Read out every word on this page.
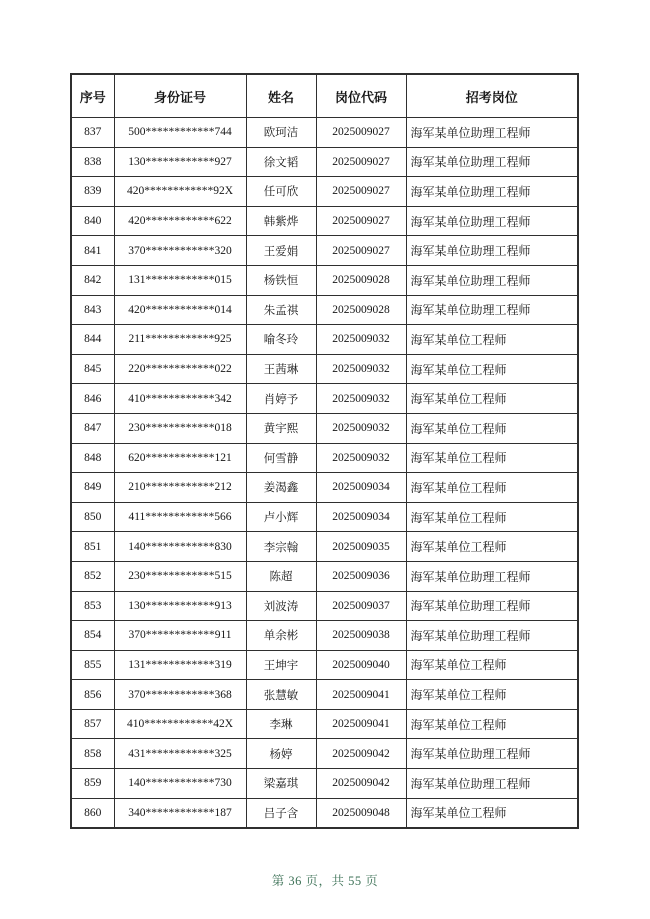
序号	身份证号	姓名	岗位代码	招考岗位
837	500************744	欧珂洁	2025009027	海军某单位助理工程师
838	130************927	徐文韬	2025009027	海军某单位助理工程师
839	420************92X	任可欣	2025009027	海军某单位助理工程师
840	420************622	韩紫烨	2025009027	海军某单位助理工程师
841	370************320	王爱娟	2025009027	海军某单位助理工程师
842	131************015	杨铁恒	2025009028	海军某单位助理工程师
843	420************014	朱孟祺	2025009028	海军某单位助理工程师
844	211************925	喻冬玲	2025009032	海军某单位工程师
845	220************022	王茜琳	2025009032	海军某单位工程师
846	410************342	肖婷予	2025009032	海军某单位工程师
847	230************018	黄宇熙	2025009032	海军某单位工程师
848	620************121	何雪静	2025009032	海军某单位工程师
849	210************212	姜渴鑫	2025009034	海军某单位工程师
850	411************566	卢小辉	2025009034	海军某单位工程师
851	140************830	李宗翰	2025009035	海军某单位工程师
852	230************515	陈超	2025009036	海军某单位助理工程师
853	130************913	刘波涛	2025009037	海军某单位助理工程师
854	370************911	单余彬	2025009038	海军某单位助理工程师
855	131************319	王坤宇	2025009040	海军某单位工程师
856	370************368	张慧敏	2025009041	海军某单位工程师
857	410************42X	李琳	2025009041	海军某单位工程师
858	431************325	杨婷	2025009042	海军某单位助理工程师
859	140************730	梁嘉琪	2025009042	海军某单位助理工程师
860	340************187	吕子含	2025009048	海军某单位工程师
第 36 页，共 55 页
